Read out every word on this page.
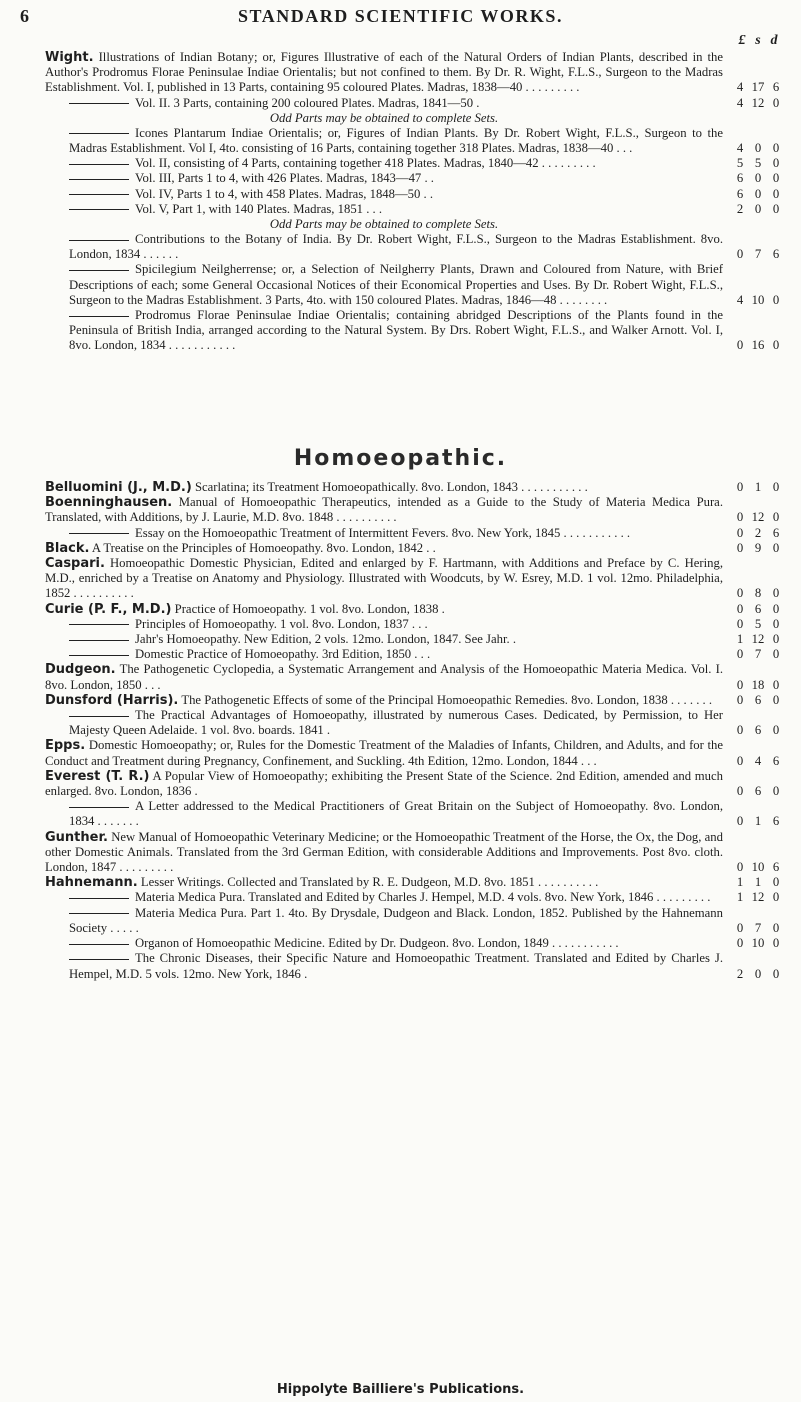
6	STANDARD SCIENTIFIC WORKS.
£ s d
Wight. Illustrations of Indian Botany; or, Figures Illustrative of each of the Natural Orders of Indian Plants, described in the Author's Prodromus Florae Peninsulae Indiae Orientalis; but not confined to them. By Dr. R. Wight, F.L.S., Surgeon to the Madras Establishment. Vol. I, published in 13 Parts, containing 95 coloured Plates. Madras, 1838—40 . . . . . . . . .	4 17 6
Vol. II. 3 Parts, containing 200 coloured Plates. Madras, 1841—50 .	4 12 0
Odd Parts may be obtained to complete Sets.
Icones Plantarum Indiae Orientalis; or, Figures of Indian Plants. By Dr. Robert Wight, F.L.S., Surgeon to the Madras Establishment. Vol I, 4to. consisting of 16 Parts, containing together 318 Plates. Madras, 1838—40 . . .	4 0 0
Vol. II, consisting of 4 Parts, containing together 418 Plates. Madras, 1840—42 . . . . . . . . .	5 5 0
Vol. III, Parts 1 to 4, with 426 Plates. Madras, 1843—47 . .	6 0 0
Vol. IV, Parts 1 to 4, with 458 Plates. Madras, 1848—50 . .	6 0 0
Vol. V, Part 1, with 140 Plates. Madras, 1851 . . .	2 0 0
Odd Parts may be obtained to complete Sets.
Contributions to the Botany of India. By Dr. Robert Wight, F.L.S., Surgeon to the Madras Establishment. 8vo. London, 1834 . . . . . .	0 7 6
Spicilegium Neilgherrense; or, a Selection of Neilgherry Plants, Drawn and Coloured from Nature, with Brief Descriptions of each; some General Occasional Notices of their Economical Properties and Uses. By Dr. Robert Wight, F.L.S., Surgeon to the Madras Establishment. 3 Parts, 4to. with 150 coloured Plates. Madras, 1846—48 . . . . . . . .	4 10 0
Prodromus Florae Peninsulae Indiae Orientalis; containing abridged Descriptions of the Plants found in the Peninsula of British India, arranged according to the Natural System. By Drs. Robert Wight, F.L.S., and Walker Arnott. Vol. I, 8vo. London, 1834 . . . . . . . . . . .	0 16 0
Homoeopathic.
Belluomini (J., M.D.) Scarlatina; its Treatment Homoeopathically. 8vo. London, 1843 . . . . . . . . . . .	0 1 0
Boenninghausen. Manual of Homoeopathic Therapeutics, intended as a Guide to the Study of Materia Medica Pura. Translated, with Additions, by J. Laurie, M.D. 8vo. 1848 . . . . . . . . . .	0 12 0
Essay on the Homoeopathic Treatment of Intermittent Fevers. 8vo. New York, 1845 . . . . . . . . . . .	0 2 6
Black. A Treatise on the Principles of Homoeopathy. 8vo. London, 1842 . .	0 9 0
Caspari. Homoeopathic Domestic Physician, Edited and enlarged by F. Hartmann, with Additions and Preface by C. Hering, M.D., enriched by a Treatise on Anatomy and Physiology. Illustrated with Woodcuts, by W. Esrey, M.D. 1 vol. 12mo. Philadelphia, 1852 . . . . . . . . . .	0 8 0
Curie (P. F., M.D.) Practice of Homoeopathy. 1 vol. 8vo. London, 1838 .	0 6 0
Principles of Homoeopathy. 1 vol. 8vo. London, 1837 . . .	0 5 0
Jahr's Homoeopathy. New Edition, 2 vols. 12mo. London, 1847. See Jahr. .	1 12 0
Domestic Practice of Homoeopathy. 3rd Edition, 1850 . . .	0 7 0
Dudgeon. The Pathogenetic Cyclopedia, a Systematic Arrangement and Analysis of the Homoeopathic Materia Medica. Vol. I. 8vo. London, 1850 . . .	0 18 0
Dunsford (Harris). The Pathogenetic Effects of some of the Principal Homoeopathic Remedies. 8vo. London, 1838 . . . . . . .	0 6 0
The Practical Advantages of Homoeopathy, illustrated by numerous Cases. Dedicated, by Permission, to Her Majesty Queen Adelaide. 1 vol. 8vo. boards. 1841 .	0 6 0
Epps. Domestic Homoeopathy; or, Rules for the Domestic Treatment of the Maladies of Infants, Children, and Adults, and for the Conduct and Treatment during Pregnancy, Confinement, and Suckling. 4th Edition, 12mo. London, 1844 . . .	0 4 6
Everest (T. R.) A Popular View of Homoeopathy; exhibiting the Present State of the Science. 2nd Edition, amended and much enlarged. 8vo. London, 1836 .	0 6 0
A Letter addressed to the Medical Practitioners of Great Britain on the Subject of Homoeopathy. 8vo. London, 1834 . . . . . . .	0 1 6
Gunther. New Manual of Homoeopathic Veterinary Medicine; or the Homoeopathic Treatment of the Horse, the Ox, the Dog, and other Domestic Animals. Translated from the 3rd German Edition, with considerable Additions and Improvements. Post 8vo. cloth. London, 1847 . . . . . . . . .	0 10 6
Hahnemann. Lesser Writings. Collected and Translated by R. E. Dudgeon, M.D. 8vo. 1851 . . . . . . . . . .	1 1 0
Materia Medica Pura. Translated and Edited by Charles J. Hempel, M.D. 4 vols. 8vo. New York, 1846 . . . . . . . . .	1 12 0
Materia Medica Pura. Part 1. 4to. By Drysdale, Dudgeon and Black. London, 1852. Published by the Hahnemann Society . . . . .	0 7 0
Organon of Homoeopathic Medicine. Edited by Dr. Dudgeon. 8vo. London, 1849 . . . . . . . . . . .	0 10 0
The Chronic Diseases, their Specific Nature and Homoeopathic Treatment. Translated and Edited by Charles J. Hempel, M.D. 5 vols. 12mo. New York, 1846 .	2 0 0
Hippolyte Bailliere's Publications.
